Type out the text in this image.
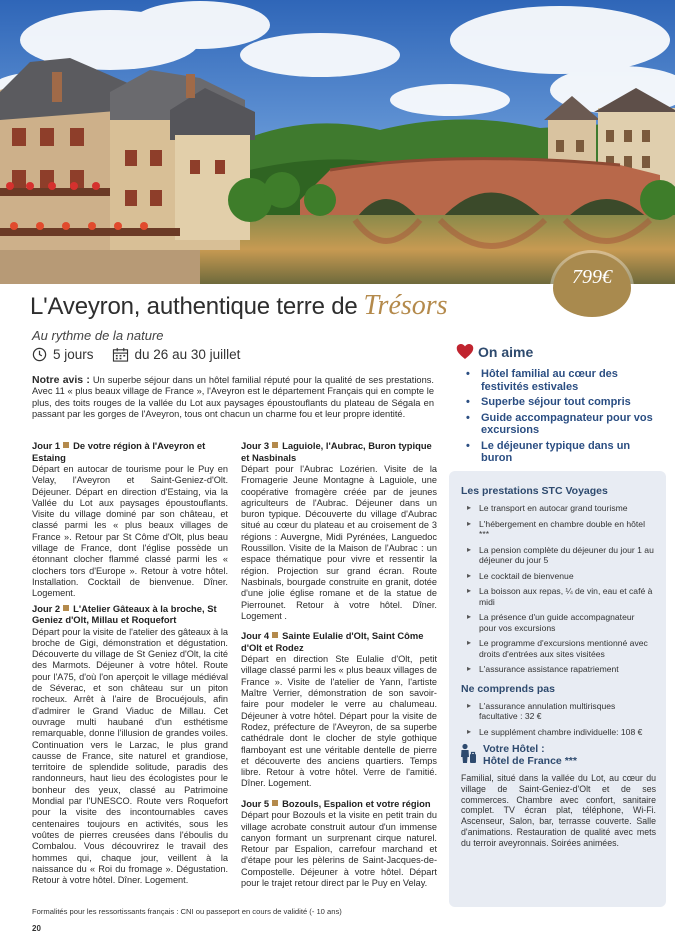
799€
L'Aveyron, authentique terre de Trésors
Au rythme de la nature
5 jours	du 26 au 30 juillet
Notre avis : Un superbe séjour dans un hôtel familial réputé pour la qualité de ses prestations. Avec 11 « plus beaux village de France », l'Aveyron est le département Français qui en compte le plus, des toits rouges de la vallée du Lot aux paysages époustouflants du plateau de Ségala en passant par les gorges de l'Aveyron, tous ont chacun un charme fou et leur propre identité.
Jour 1 De votre région à l'Aveyron et Estaing
Départ en autocar de tourisme pour le Puy en Velay, l'Aveyron et Saint-Geniez-d'Olt. Déjeuner. Départ en direction d'Estaing, via la Vallée du Lot aux paysages époustouflants. Visite du village dominé par son château, et classé parmi les « plus beaux villages de France ». Retour par St Côme d'Olt, plus beau village de France, dont l'église possède un étonnant clocher flammé classé parmi les « clochers tors d'Europe ». Retour à votre hôtel. Installation. Cocktail de bienvenue. Dîner. Logement.
Jour 2 L'Atelier Gâteaux à la broche, St Geniez d'Olt, Millau et Roquefort
Départ pour la visite de l'atelier des gâteaux à la broche de Gigi, démonstration et dégustation. Découverte du village de St Geniez d'Olt, la cité des Marmots. Déjeuner à votre hôtel. Route pour l'A75, d'où l'on aperçoit le village médiéval de Séverac, et son château sur un piton rocheux. Arrêt à l'aire de Brocuéjouls, afin d'admirer le Grand Viaduc de Millau. Cet ouvrage multi haubané d'un esthétisme remarquable, donne l'illusion de grandes voiles. Continuation vers le Larzac, le plus grand causse de France, site naturel et grandiose, territoire de splendide solitude, paradis des randonneurs, haut lieu des écologistes pour le bonheur des yeux, classé au Patrimoine Mondial par l'UNESCO. Route vers Roquefort pour la visite des incontournables caves centenaires toujours en activités, sous les voûtes de pierres creusées dans l'éboulis du Combalou. Vous découvrirez le travail des hommes qui, chaque jour, veillent à la naissance du « Roi du fromage ». Dégustation. Retour à votre hôtel. Dîner. Logement.
Jour 3 Laguiole, l'Aubrac, Buron typique et Nasbinals
Départ pour l'Aubrac Lozérien. Visite de la Fromagerie Jeune Montagne à Laguiole, une coopérative fromagère créée par de jeunes agriculteurs de l'Aubrac. Déjeuner dans un buron typique. Découverte du village d'Aubrac situé au cœur du plateau et au croisement de 3 régions : Auvergne, Midi Pyrénées, Languedoc Roussillon. Visite de la Maison de l'Aubrac : un espace thématique pour vivre et ressentir la région. Projection sur grand écran. Route Nasbinals, bourgade construite en granit, dotée d'une jolie église romane et de la statue de Pierrounet. Retour à votre hôtel. Dîner. Logement .
Jour 4 Sainte Eulalie d'Olt, Saint Côme d'Olt et Rodez
Départ en direction Ste Eulalie d'Olt, petit village classé parmi les « plus beaux villages de France ». Visite de l'atelier de Yann, l'artiste Maître Verrier, démonstration de son savoir-faire pour modeler le verre au chalumeau. Déjeuner à votre hôtel. Départ pour la visite de Rodez, préfecture de l'Aveyron, de sa superbe cathédrale dont le clocher de style gothique flamboyant est une véritable dentelle de pierre et découverte des anciens quartiers. Temps libre. Retour à votre hôtel. Verre de l'amitié. Dîner. Logement.
Jour 5 Bozouls, Espalion et votre région
Départ pour Bozouls et la visite en petit train du village acrobate construit autour d'un immense canyon formant un surprenant cirque naturel. Retour par Espalion, carrefour marchand et d'étape pour les pèlerins de Saint-Jacques-de-Compostelle. Déjeuner à votre hôtel. Départ pour le trajet retour direct par le Puy en Velay.
Formalités pour les ressortissants français : CNI ou passeport en cours de validité (- 10 ans)
20
On aime
• Hôtel familial au cœur des festivités estivales
• Superbe séjour tout compris
• Guide accompagnateur pour vos excursions
• Le déjeuner typique dans un buron
Les prestations STC Voyages
▸ Le transport en autocar grand tourisme
▸ L'hébergement en chambre double en hôtel ***
▸ La pension complète du déjeuner du jour 1 au déjeuner du jour 5
▸ Le cocktail de bienvenue
▸ La boisson aux repas, ¼ de vin, eau et café à midi
▸ La présence d'un guide accompagnateur pour vos excursions
▸ Le programme d'excursions mentionné avec droits d'entrées aux sites visitées
▸ L'assurance assistance rapatriement
Ne comprends pas
▸ L'assurance annulation multirisques facultative : 32 €
▸ Le supplément chambre individuelle: 108 €
Votre Hôtel :
Hôtel de France ***
Familial, situé dans la vallée du Lot, au cœur du village de Saint-Geniez-d'Olt et de ses commerces. Chambre avec confort, sanitaire complet. TV écran plat, téléphone, Wi-Fi. Ascenseur, Salon, bar, terrasse couverte. Salle d'animations. Restauration de qualité avec mets du terroir aveyronnais. Soirées animées.
